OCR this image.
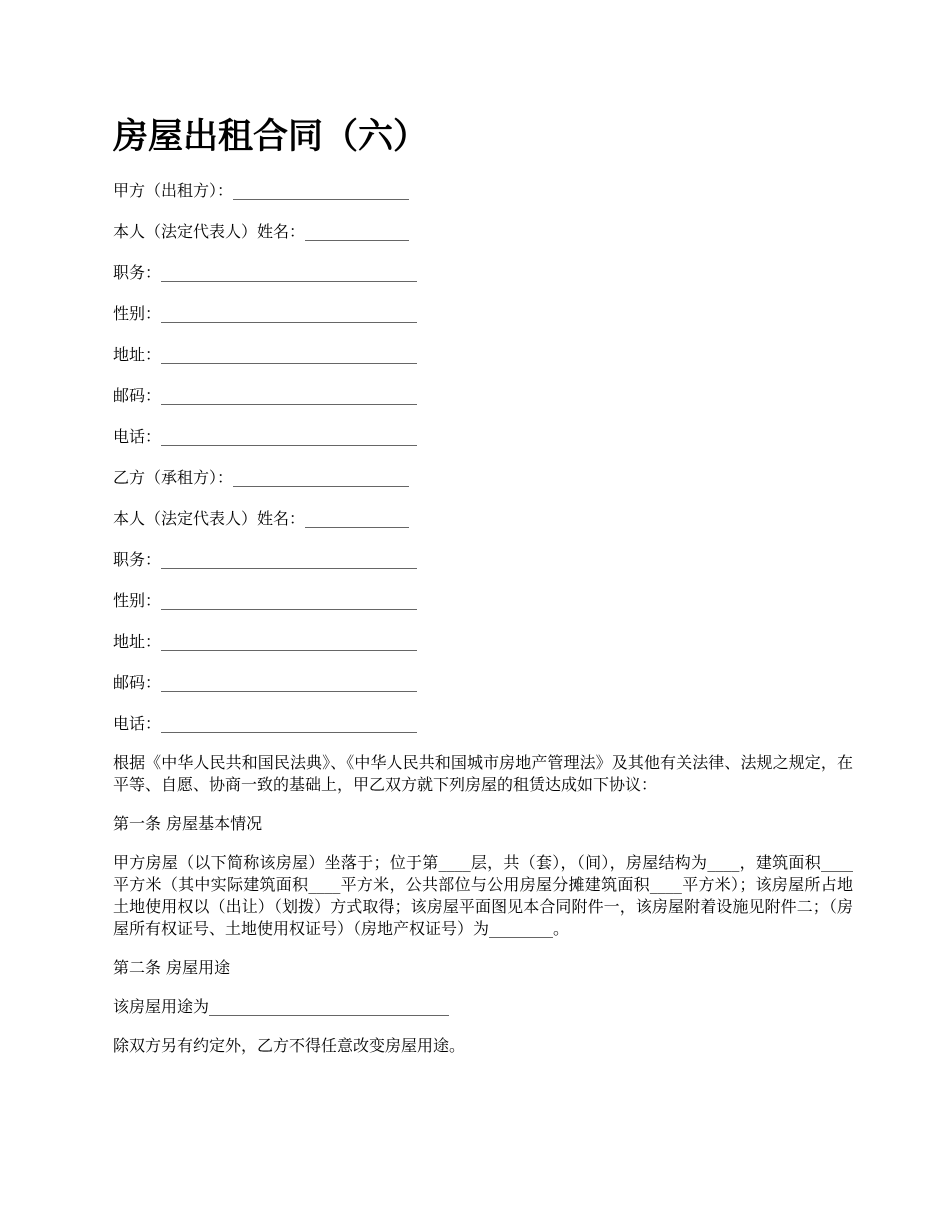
房屋出租合同（六）
甲方（出租方）：______________________
本人（法定代表人）姓名：_____________
职务：________________________________
性别：________________________________
地址：________________________________
邮码：________________________________
电话：________________________________
乙方（承租方）：______________________
本人（法定代表人）姓名：_____________
职务：________________________________
性别：________________________________
地址：________________________________
邮码：________________________________
电话：________________________________

根据《中华人民共和国民法典》、《中华人民共和国城市房地产管理法》及其他有关法律、法规之规定，在平等、自愿、协商一致的基础上，甲乙双方就下列房屋的租赁达成如下协议：

第一条 房屋基本情况

甲方房屋（以下简称该房屋）坐落于；位于第____层，共（套），（间），房屋结构为____，建筑面积____平方米（其中实际建筑面积____平方米，公共部位与公用房屋分摊建筑面积____平方米）；该房屋所占地土地使用权以（出让）（划拨）方式取得；该房屋平面图见本合同附件一，该房屋附着设施见附件二；（房屋所有权证号、土地使用权证号）（房地产权证号）为________。

第二条 房屋用途

该房屋用途为______________________________

除双方另有约定外，乙方不得任意改变房屋用途。
